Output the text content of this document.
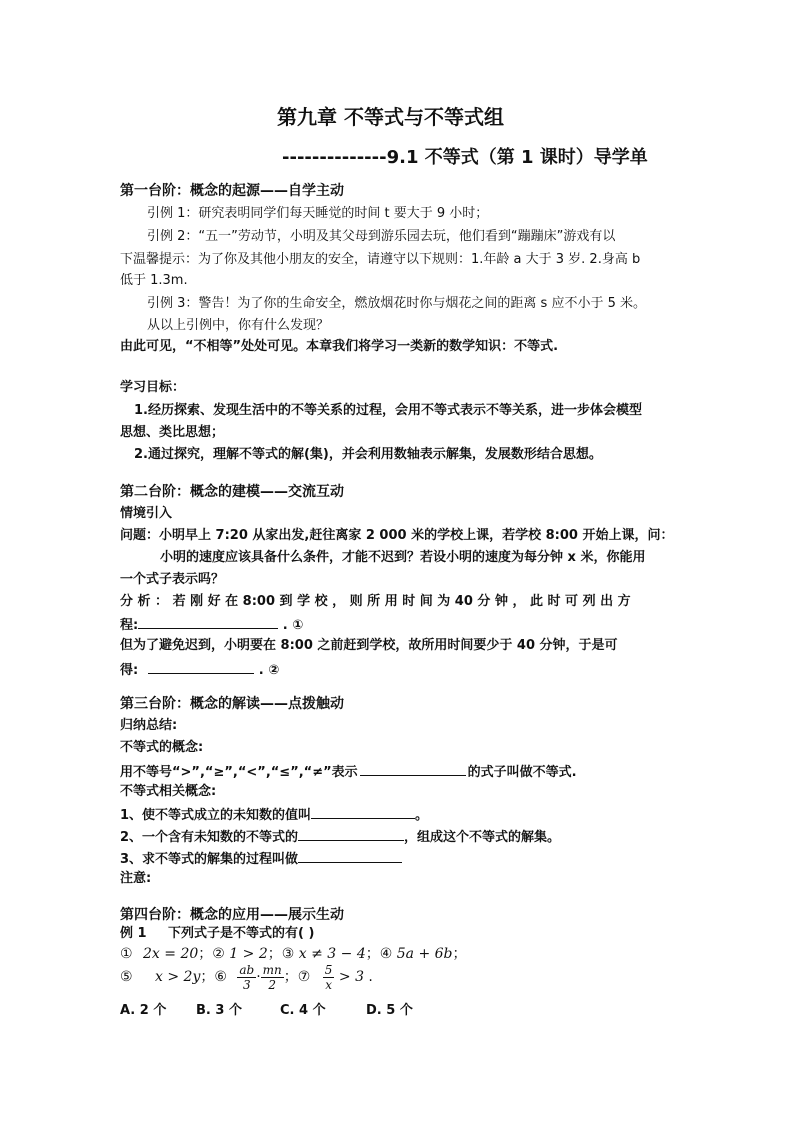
第九章 不等式与不等式组
--------------9.1 不等式（第 1 课时）导学单
第一台阶：概念的起源——自学主动
引例 1：研究表明同学们每天睡觉的时间 t 要大于 9 小时；
引例 2：“五一”劳动节，小明及其父母到游乐园去玩，他们看到“蹦蹦床”游戏有以
下温馨提示：为了你及其他小朋友的安全，请遵守以下规则：1.年龄 a 大于 3 岁. 2.身高 b
低于 1.3m.
引例 3：警告！为了你的生命安全，燃放烟花时你与烟花之间的距离 s 应不小于 5 米。
从以上引例中，你有什么发现？
由此可见，“不相等”处处可见。本章我们将学习一类新的数学知识：不等式.
学习目标：
1.经历探索、发现生活中的不等关系的过程，会用不等式表示不等关系，进一步体会模型
思想、类比思想；
2.通过探究，理解不等式的解(集)，并会利用数轴表示解集，发展数形结合思想。
第二台阶：概念的建模——交流互动
情境引入
问题：小明早上 7:20 从家出发,赶往离家 2 000 米的学校上课，若学校 8:00 开始上课，问：
小明的速度应该具备什么条件，才能不迟到？若设小明的速度为每分钟 x 米，你能用
一个式子表示吗？
分 析 ： 若 刚 好 在 8:00 到 学 校 ， 则 所 用 时 间 为 40 分 钟 ， 此 时 可 列 出 方
程:	. ①
但为了避免迟到，小明要在 8:00 之前赶到学校，故所用时间要少于 40 分钟，于是可
得:	. ②
第三台阶：概念的解读——点拨触动
归纳总结:
不等式的概念:
用不等号“>”,“≥”,“<”,“≤”,“≠”表示	的式子叫做不等式.
不等式相关概念:
1、使不等式成立的未知数的值叫	。
2、一个含有未知数的不等式的	，组成这个不等式的解集。
3、求不等式的解集的过程叫做
注意:
第四台阶：概念的应用——展示生动
例 1 下列式子是不等式的有( )
① 2x = 20；② 1 > 2；③ x ≠ 3 − 4；④ 5a + 6b；
⑤ x > 2y；⑥ $\frac{ab}{3} \cdot \frac{mn}{2}$ ；⑦ $\frac{5}{x} > 3$ .
A. 2 个 B. 3 个	C. 4 个	D. 5 个
